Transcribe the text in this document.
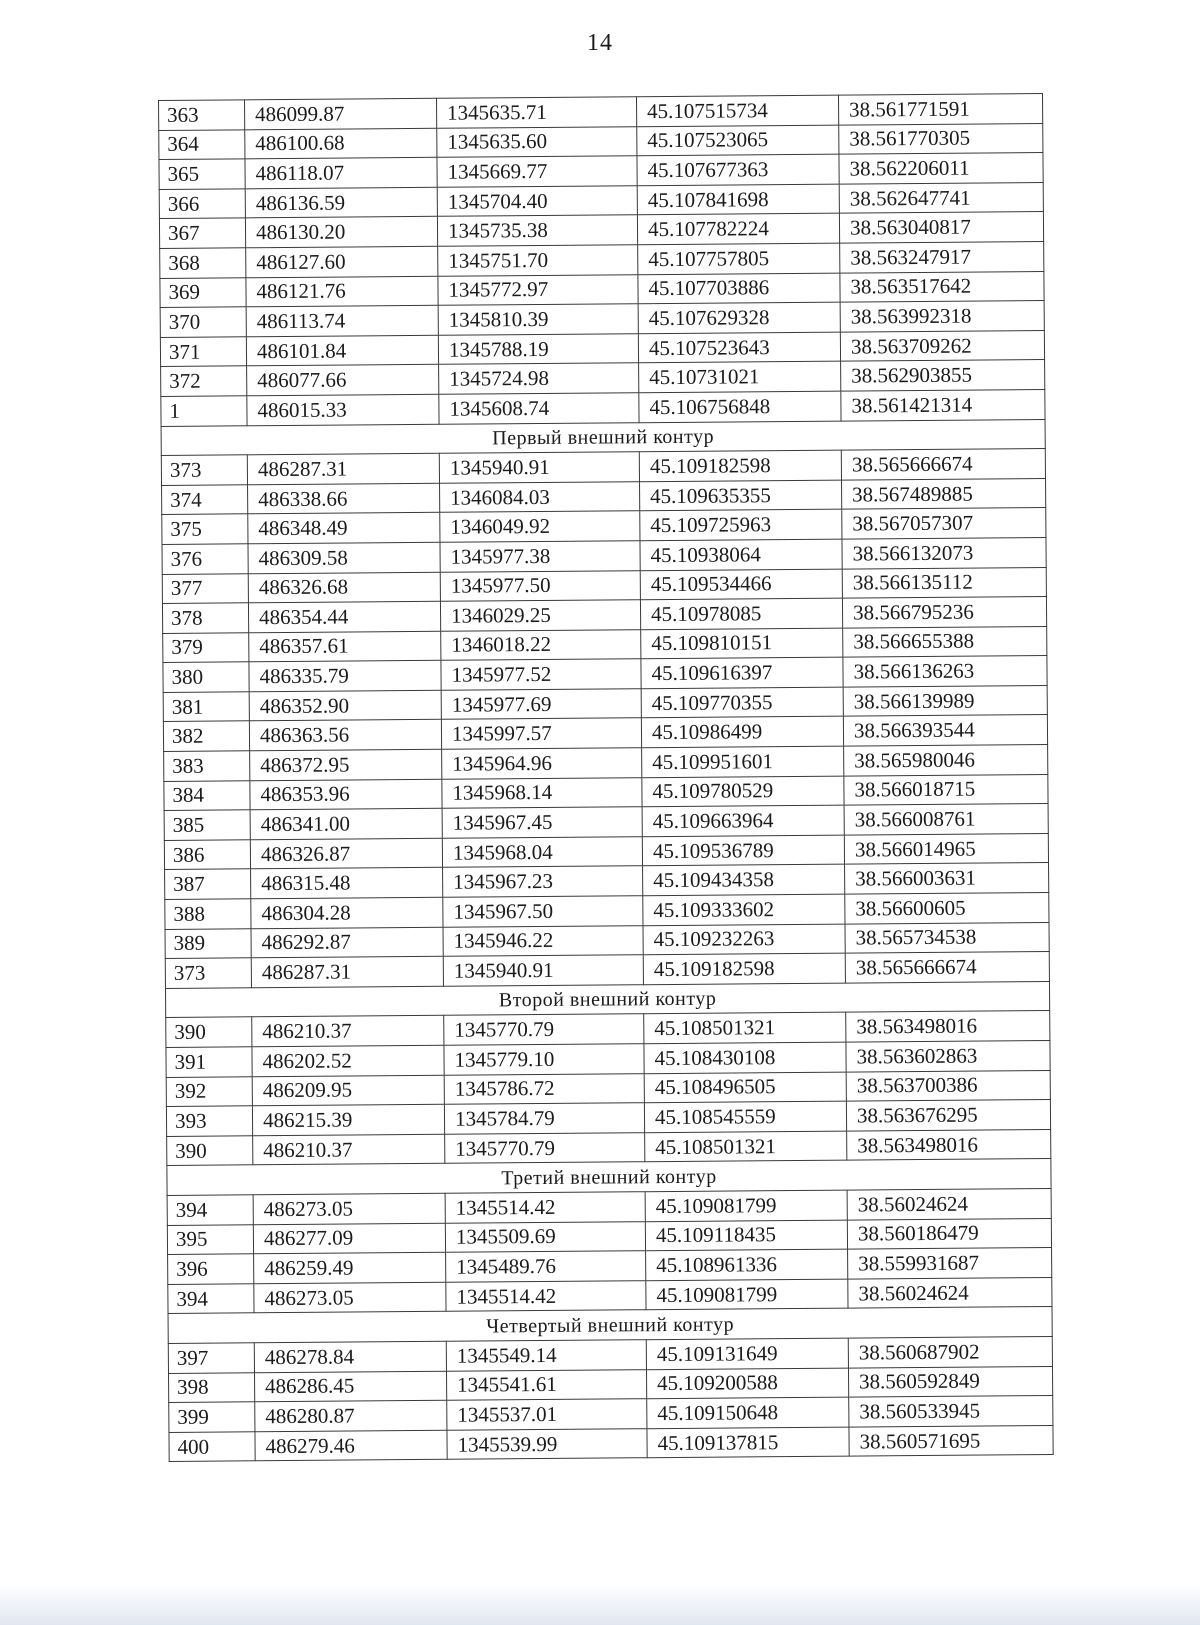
14
363	486099.87	1345635.71	45.107515734	38.561771591
364	486100.68	1345635.60	45.107523065	38.561770305
365	486118.07	1345669.77	45.107677363	38.562206011
366	486136.59	1345704.40	45.107841698	38.562647741
367	486130.20	1345735.38	45.107782224	38.563040817
368	486127.60	1345751.70	45.107757805	38.563247917
369	486121.76	1345772.97	45.107703886	38.563517642
370	486113.74	1345810.39	45.107629328	38.563992318
371	486101.84	1345788.19	45.107523643	38.563709262
372	486077.66	1345724.98	45.10731021	38.562903855
1	486015.33	1345608.74	45.106756848	38.561421314
Первый внешний контур				
373	486287.31	1345940.91	45.109182598	38.565666674
374	486338.66	1346084.03	45.109635355	38.567489885
375	486348.49	1346049.92	45.109725963	38.567057307
376	486309.58	1345977.38	45.10938064	38.566132073
377	486326.68	1345977.50	45.109534466	38.566135112
378	486354.44	1346029.25	45.10978085	38.566795236
379	486357.61	1346018.22	45.109810151	38.566655388
380	486335.79	1345977.52	45.109616397	38.566136263
381	486352.90	1345977.69	45.109770355	38.566139989
382	486363.56	1345997.57	45.10986499	38.566393544
383	486372.95	1345964.96	45.109951601	38.565980046
384	486353.96	1345968.14	45.109780529	38.566018715
385	486341.00	1345967.45	45.109663964	38.566008761
386	486326.87	1345968.04	45.109536789	38.566014965
387	486315.48	1345967.23	45.109434358	38.566003631
388	486304.28	1345967.50	45.109333602	38.56600605
389	486292.87	1345946.22	45.109232263	38.565734538
373	486287.31	1345940.91	45.109182598	38.565666674
Второй внешний контур				
390	486210.37	1345770.79	45.108501321	38.563498016
391	486202.52	1345779.10	45.108430108	38.563602863
392	486209.95	1345786.72	45.108496505	38.563700386
393	486215.39	1345784.79	45.108545559	38.563676295
390	486210.37	1345770.79	45.108501321	38.563498016
Третий внешний контур				
394	486273.05	1345514.42	45.109081799	38.56024624
395	486277.09	1345509.69	45.109118435	38.560186479
396	486259.49	1345489.76	45.108961336	38.559931687
394	486273.05	1345514.42	45.109081799	38.56024624
Четвертый внешний контур				
397	486278.84	1345549.14	45.109131649	38.560687902
398	486286.45	1345541.61	45.109200588	38.560592849
399	486280.87	1345537.01	45.109150648	38.560533945
400	486279.46	1345539.99	45.109137815	38.560571695
